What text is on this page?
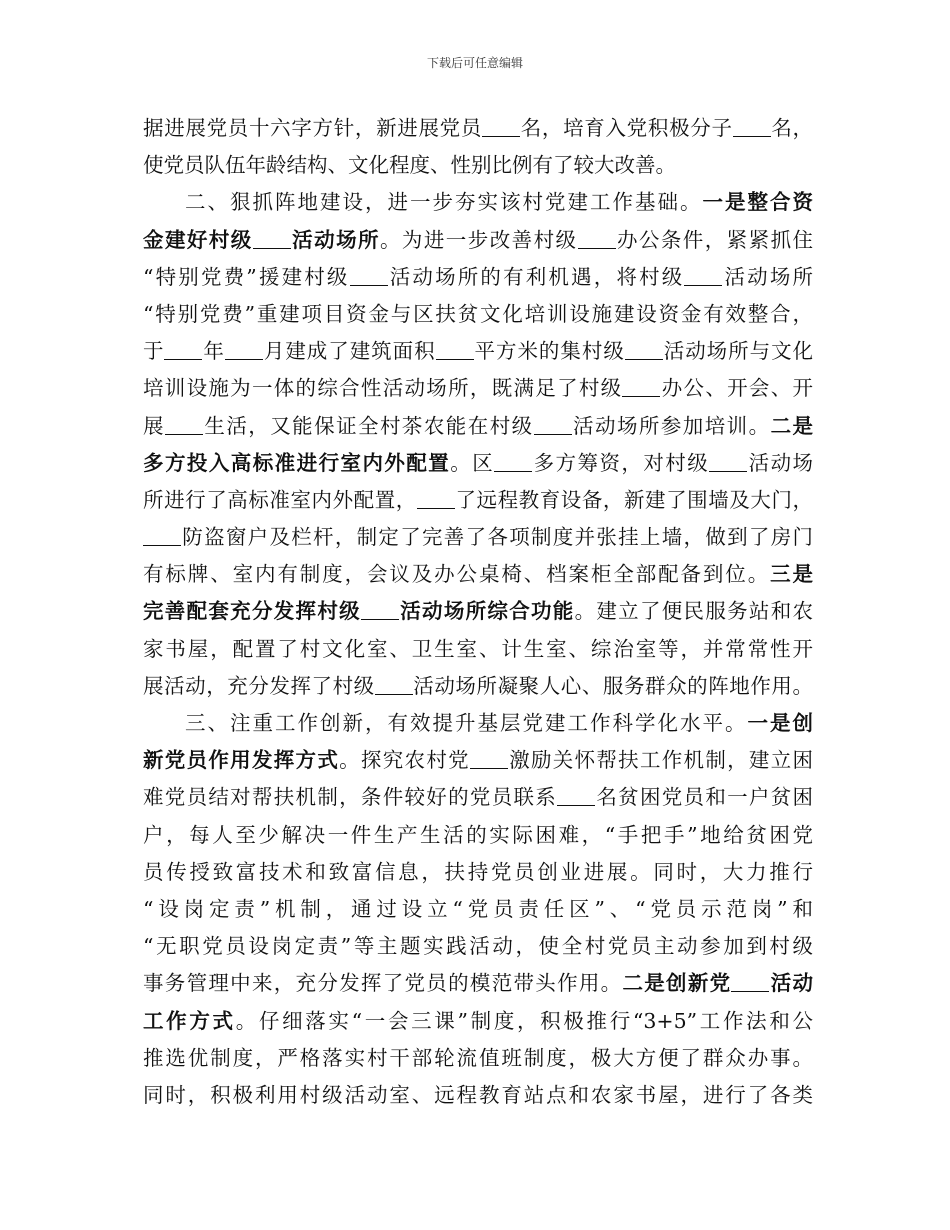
下载后可任意编辑
据进展党员十六字方针，新进展党员 名，培育入党积极分子 名，
使党员队伍年龄结构、文化程度、性别比例有了较大改善。
二、狠抓阵地建设，进一步夯实该村党建工作基础。一是整合资
金建好村级 活动场所。为进一步改善村级 办公条件，紧紧抓住
“特别党费”援建村级 活动场所的有利机遇，将村级 活动场所
“特别党费”重建项目资金与区扶贫文化培训设施建设资金有效整合，
于 年 月建成了建筑面积 平方米的集村级 活动场所与文化
培训设施为一体的综合性活动场所，既满足了村级 办公、开会、开
展 生活，又能保证全村茶农能在村级 活动场所参加培训。二是
多方投入高标准进行室内外配置。区 多方筹资，对村级 活动场
所进行了高标准室内外配置， 了远程教育设备，新建了围墙及大门，
防盗窗户及栏杆，制定了完善了各项制度并张挂上墙，做到了房门
有标牌、室内有制度，会议及办公桌椅、档案柜全部配备到位。三是
完善配套充分发挥村级 活动场所综合功能。建立了便民服务站和农
家书屋，配置了村文化室、卫生室、计生室、综治室等，并常常性开
展活动，充分发挥了村级 活动场所凝聚人心、服务群众的阵地作用。
三、注重工作创新，有效提升基层党建工作科学化水平。一是创
新党员作用发挥方式。探究农村党 激励关怀帮扶工作机制，建立困
难党员结对帮扶机制，条件较好的党员联系 名贫困党员和一户贫困
户，每人至少解决一件生产生活的实际困难，“手把手”地给贫困党
员传授致富技术和致富信息，扶持党员创业进展。同时，大力推行
“设岗定责”机制，通过设立“党员责任区”、“党员示范岗”和
“无职党员设岗定责”等主题实践活动，使全村党员主动参加到村级
事务管理中来，充分发挥了党员的模范带头作用。二是创新党 活动
工作方式。仔细落实“一会三课”制度，积极推行“3+5”工作法和公
推选优制度，严格落实村干部轮流值班制度，极大方便了群众办事。
同时，积极利用村级活动室、远程教育站点和农家书屋，进行了各类
